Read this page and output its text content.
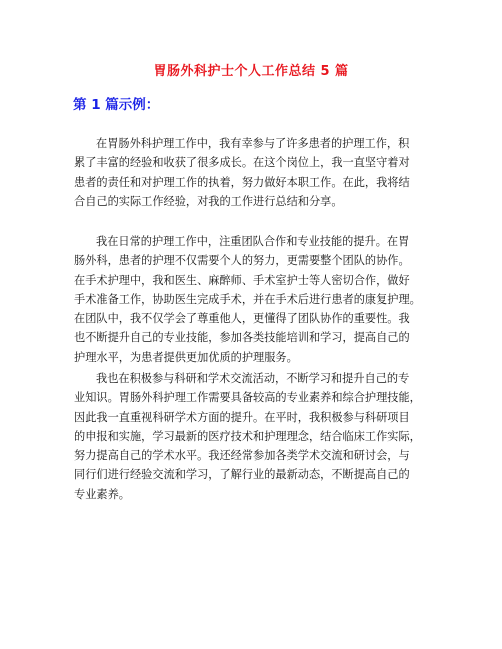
胃肠外科护士个人工作总结 5 篇
第 1 篇示例：
在胃肠外科护理工作中，我有幸参与了许多患者的护理工作，积
累了丰富的经验和收获了很多成长。在这个岗位上，我一直坚守着对
患者的责任和对护理工作的执着，努力做好本职工作。在此，我将结
合自己的实际工作经验，对我的工作进行总结和分享。
我在日常的护理工作中，注重团队合作和专业技能的提升。在胃
肠外科，患者的护理不仅需要个人的努力，更需要整个团队的协作。
在手术护理中，我和医生、麻醉师、手术室护士等人密切合作，做好
手术准备工作，协助医生完成手术，并在手术后进行患者的康复护理。
在团队中，我不仅学会了尊重他人，更懂得了团队协作的重要性。我
也不断提升自己的专业技能，参加各类技能培训和学习，提高自己的
护理水平，为患者提供更加优质的护理服务。
我也在积极参与科研和学术交流活动，不断学习和提升自己的专
业知识。胃肠外科护理工作需要具备较高的专业素养和综合护理技能，
因此我一直重视科研学术方面的提升。在平时，我积极参与科研项目
的申报和实施，学习最新的医疗技术和护理理念，结合临床工作实际，
努力提高自己的学术水平。我还经常参加各类学术交流和研讨会，与
同行们进行经验交流和学习，了解行业的最新动态，不断提高自己的
专业素养。
